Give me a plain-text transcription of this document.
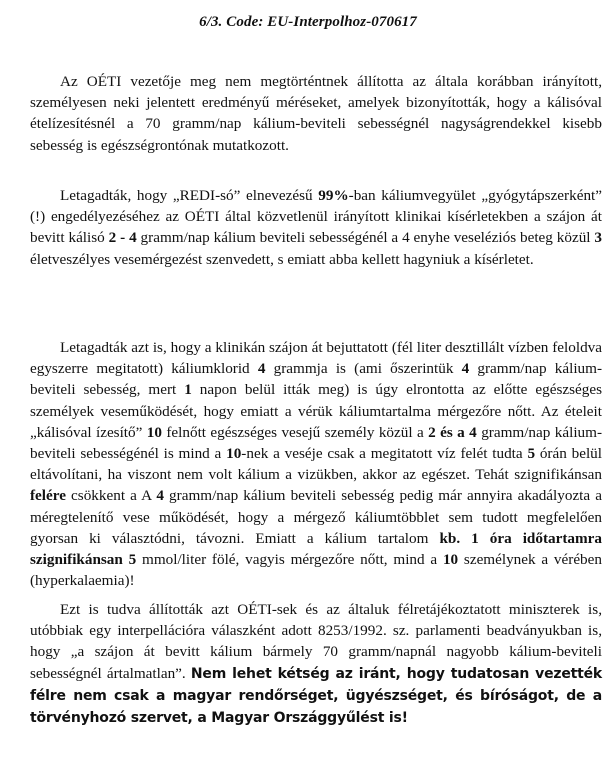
6/3. Code: EU-Interpolhoz-070617

Az OÉTI vezetője meg nem megtörténtnek állította az általa korábban irányított, személyesen neki jelentett eredményű méréseket, amelyek bizonyították, hogy a kálisóval ételízesítésnél a 70 gramm/nap kálium-beviteli sebességnél nagyságrendekkel kisebb sebesség is egészségrontónak mutatkozott.

Letagadták, hogy „REDI-só” elnevezésű 99%-ban káliumvegyület „gyógytápszerként” (!) engedélyezéséhez az OÉTI által közvetlenül irányított klinikai kísérletekben a szájon át bevitt kálisó 2 - 4 gramm/nap kálium beviteli sebességénél a 4 enyhe veseléziós beteg közül 3 életveszélyes vesemérgezést szenvedett, s emiatt abba kellett hagyniuk a kísérletet.

Letagadták azt is, hogy a klinikán szájon át bejuttatott (fél liter desztillált vízben feloldva egyszerre megitatott) káliumklorid 4 grammja is (ami őszerintük 4 gramm/nap kálium-beviteli sebesség, mert 1 napon belül itták meg) is úgy elrontotta az előtte egészséges személyek veseműködését, hogy emiatt a vérük káliumtartalma mérgezőre nőtt. Az ételeit „kálisóval ízesítő” 10 felnőtt egészséges vesejű személy közül a 2 és a 4 gramm/nap kálium-beviteli sebességénél is mind a 10-nek a veséje csak a megitatott víz felét tudta 5 órán belül eltávolítani, ha viszont nem volt kálium a vizükben, akkor az egészet. Tehát szignifikánsan felére csökkent a A 4 gramm/nap kálium beviteli sebesség pedig már annyira akadályozta a méregtelenítő vese működését, hogy a mérgező káliumtöbblet sem tudott megfelelően gyorsan ki választódni, távozni. Emiatt a kálium tartalom kb. 1 óra időtartamra szignifikánsan 5 mmol/liter fölé, vagyis mérgezőre nőtt, mind a 10 személynek a vérében (hyperkalaemia)!

Ezt is tudva állították azt OÉTI-sek és az általuk félretájékoztatott miniszterek is, utóbbiak egy interpellációra válaszként adott 8253/1992. sz. parlamenti beadványukban is, hogy „a szájon át bevitt kálium bármely 70 gramm/napnál nagyobb kálium-beviteli sebességnél ártalmatlan”. Nem lehet kétség az iránt, hogy tudatosan vezették félre nem csak a magyar rendőrséget, ügyészséget, és bíróságot, de a törvényhozó szervet, a Magyar Országgyűlést is!
